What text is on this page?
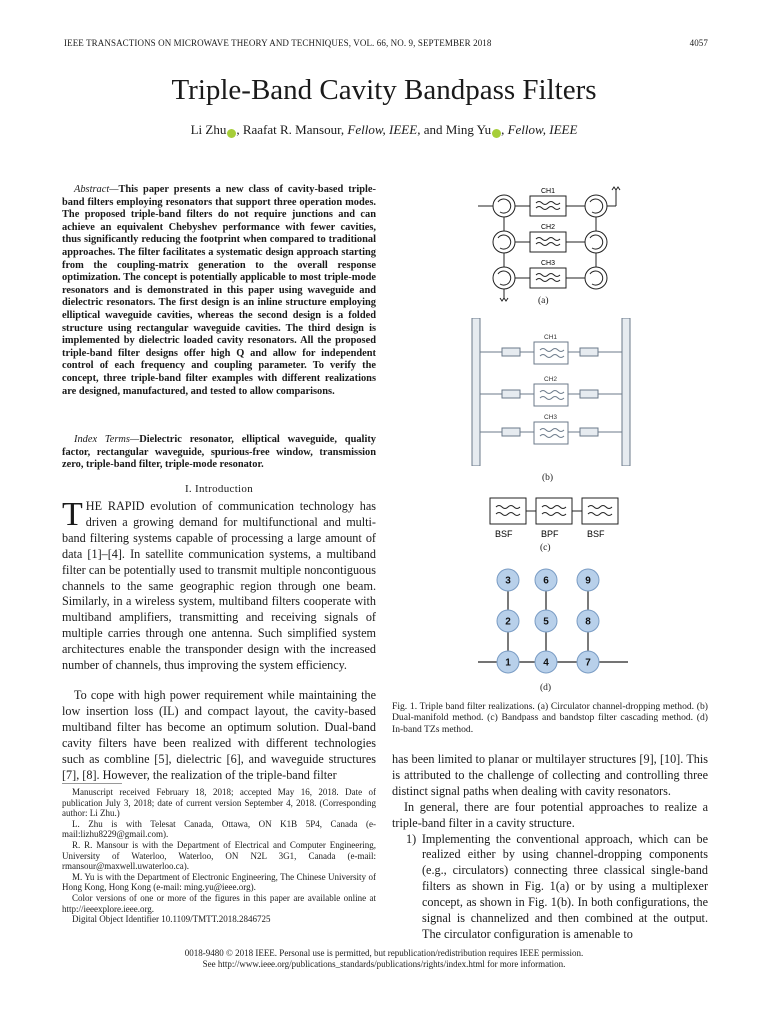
IEEE TRANSACTIONS ON MICROWAVE THEORY AND TECHNIQUES, VOL. 66, NO. 9, SEPTEMBER 2018	4057
Triple-Band Cavity Bandpass Filters
Li Zhu , Raafat R. Mansour, Fellow, IEEE, and Ming Yu , Fellow, IEEE
Abstract—This paper presents a new class of cavity-based triple-band filters employing resonators that support three operation modes. The proposed triple-band filters do not require junctions and can achieve an equivalent Chebyshev performance with fewer cavities, thus significantly reducing the footprint when compared to traditional approaches. The filter facilitates a systematic design approach starting from the coupling-matrix generation to the overall response optimization. The concept is potentially applicable to most triple-mode resonators and is demonstrated in this paper using waveguide and dielectric resonators. The first design is an inline structure employing elliptical waveguide cavities, whereas the second design is a folded structure using rectangular waveguide cavities. The third design is implemented by dielectric loaded cavity resonators. All the proposed triple-band filter designs offer high Q and allow for independent control of each frequency and coupling parameter. To verify the concept, three triple-band filter examples with different realizations are designed, manufactured, and tested to allow comparisons.
Index Terms—Dielectric resonator, elliptical waveguide, quality factor, rectangular waveguide, spurious-free window, transmission zero, triple-band filter, triple-mode resonator.
I. Introduction
THE RAPID evolution of communication technology has driven a growing demand for multifunctional and multi-band filtering systems capable of processing a large amount of data [1]–[4]. In satellite communication systems, a multiband filter can be potentially used to transmit multiple noncontiguous channels to the same geographic region through one beam. Similarly, in a wireless system, multiband filters cooperate with multiband amplifiers, transmitting and receiving signals of multiple carries through one antenna. Such simplified system architectures enable the transponder design with the increased number of channels, thus improving the system efficiency.
To cope with high power requirement while maintaining the low insertion loss (IL) and compact layout, the cavity-based multiband filter has become an optimum solution. Dual-band cavity filters have been realized with different technologies such as combline [5], dielectric [6], and waveguide structures [7], [8]. However, the realization of the triple-band filter

Manuscript received February 18, 2018; accepted May 16, 2018. Date of publication July 3, 2018; date of current version September 4, 2018. (Corresponding author: Li Zhu.)

L. Zhu is with Telesat Canada, Ottawa, ON K1B 5P4, Canada (e-mail:lizhu8229@gmail.com).

R. R. Mansour is with the Department of Electrical and Computer Engineering, University of Waterloo, Waterloo, ON N2L 3G1, Canada (e-mail: rmansour@maxwell.uwaterloo.ca).

M. Yu is with the Department of Electronic Engineering, The Chinese University of Hong Kong, Hong Kong (e-mail: ming.yu@ieee.org).

Color versions of one or more of the figures in this paper are available online at http://ieeexplore.ieee.org.

Digital Object Identifier 10.1109/TMTT.2018.2846725

0018-9480 © 2018 IEEE. Personal use is permitted, but republication/redistribution requires IEEE permission.
See http://www.ieee.org/publications_standards/publications/rights/index.html for more information.
CH1
CH2
CH3
(a)
CH1
CH2
CH3
(b)
BSF	BPF	BSF
(c)
1
2
3
4
5
6
7
8
9
(d)
Fig. 1. Triple band filter realizations. (a) Circulator channel-dropping method. (b) Dual-manifold method. (c) Bandpass and bandstop filter cascading method. (d) In-band TZs method.

has been limited to planar or multilayer structures [9], [10]. This is attributed to the challenge of collecting and controlling three distinct signal paths when dealing with cavity resonators.

In general, there are four potential approaches to realize a triple-band filter in a cavity structure.

1) Implementing the conventional approach, which can be realized either by using channel-dropping components (e.g., circulators) connecting three classical single-band filters as shown in Fig. 1(a) or by using a multiplexer concept, as shown in Fig. 1(b). In both configurations, the signal is channelized and then combined at the output. The circulator configuration is amenable to
